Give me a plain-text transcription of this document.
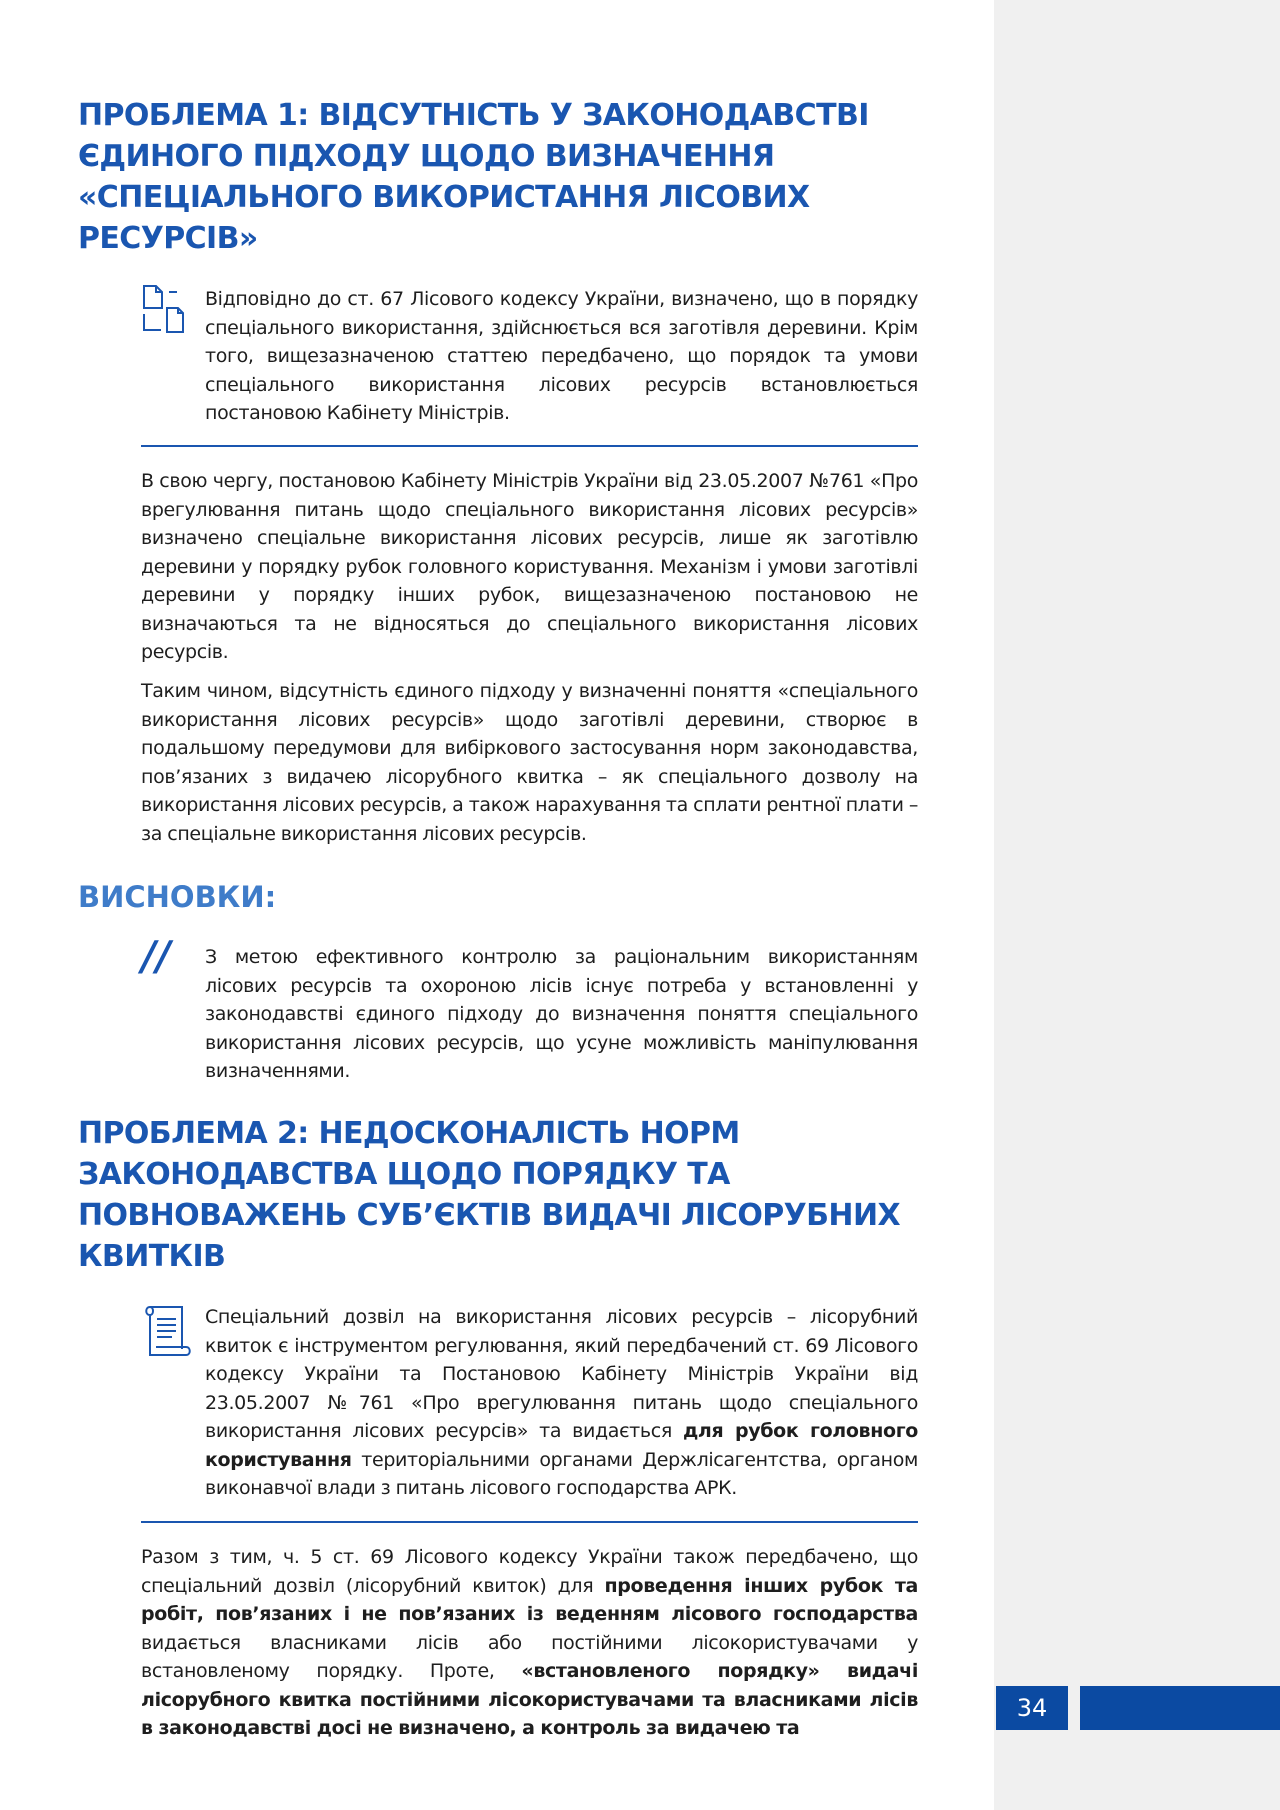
34
ПРОБЛЕМА 1: ВІДСУТНІСТЬ У ЗАКОНОДАВСТВІ ЄДИНОГО ПІДХОДУ ЩОДО ВИЗНАЧЕННЯ «СПЕЦІАЛЬНОГО ВИКОРИСТАННЯ ЛІСОВИХ РЕСУРСІВ»

Відповідно до ст. 67 Лісового кодексу України, визначено, що в порядку спеціального використання, здійснюється вся заготівля деревини. Крім того, вищезазначеною статтею передбачено, що порядок та умови спеціального використання лісових ресурсів встановлюється постановою Кабінету Міністрів.

В свою чергу, постановою Кабінету Міністрів України від 23.05.2007 №761 «Про врегулювання питань щодо спеціального використання лісових ресурсів» визначено спеціальне використання лісових ресурсів, лише як заготівлю деревини у порядку рубок головного користування. Механізм і умови заготівлі деревини у порядку інших рубок, вищезазначеною постановою не визначаються та не відносяться до спеціального використання лісових ресурсів.

Таким чином, відсутність єдиного підходу у визначенні поняття «спеціального використання лісових ресурсів» щодо заготівлі деревини, створює в подальшому передумови для вибіркового застосування норм законодавства, пов’язаних з видачею лісорубного квитка – як спеціального дозволу на використання лісових ресурсів, а також нарахування та сплати рентної плати – за спеціальне використання лісових ресурсів.

ВИСНОВКИ:
// З метою ефективного контролю за раціональним використанням лісових ресурсів та охороною лісів існує потреба у встановленні у законодавстві єдиного підходу до визначення поняття спеціального використання лісових ресурсів, що усуне можливість маніпулювання визначеннями.

ПРОБЛЕМА 2: НЕДОСКОНАЛІСТЬ НОРМ ЗАКОНОДАВСТВА ЩОДО ПОРЯДКУ ТА ПОВНОВАЖЕНЬ СУБ’ЄКТІВ ВИДАЧІ ЛІСОРУБНИХ КВИТКІВ

Спеціальний дозвіл на використання лісових ресурсів – лісорубний квиток є інструментом регулювання, який передбачений ст. 69 Лісового кодексу України та Постановою Кабінету Міністрів України від 23.05.2007 №761 «Про врегулювання питань щодо спеціального використання лісових ресурсів» та видається для рубок головного користування територіальними органами Держлісагентства, органом виконавчої влади з питань лісового господарства АРК.

Разом з тим, ч. 5 ст. 69 Лісового кодексу України також передбачено, що спеціальний дозвіл (лісорубний квиток) для проведення інших рубок та робіт, пов’язаних і не пов’язаних із веденням лісового господарства видається власниками лісів або постійними лісокористувачами у встановленому порядку. Проте, «встановленого порядку» видачі лісорубного квитка постійними лісокористувачами та власниками лісів в законодавстві досі не визначено, а контроль за видачею та
